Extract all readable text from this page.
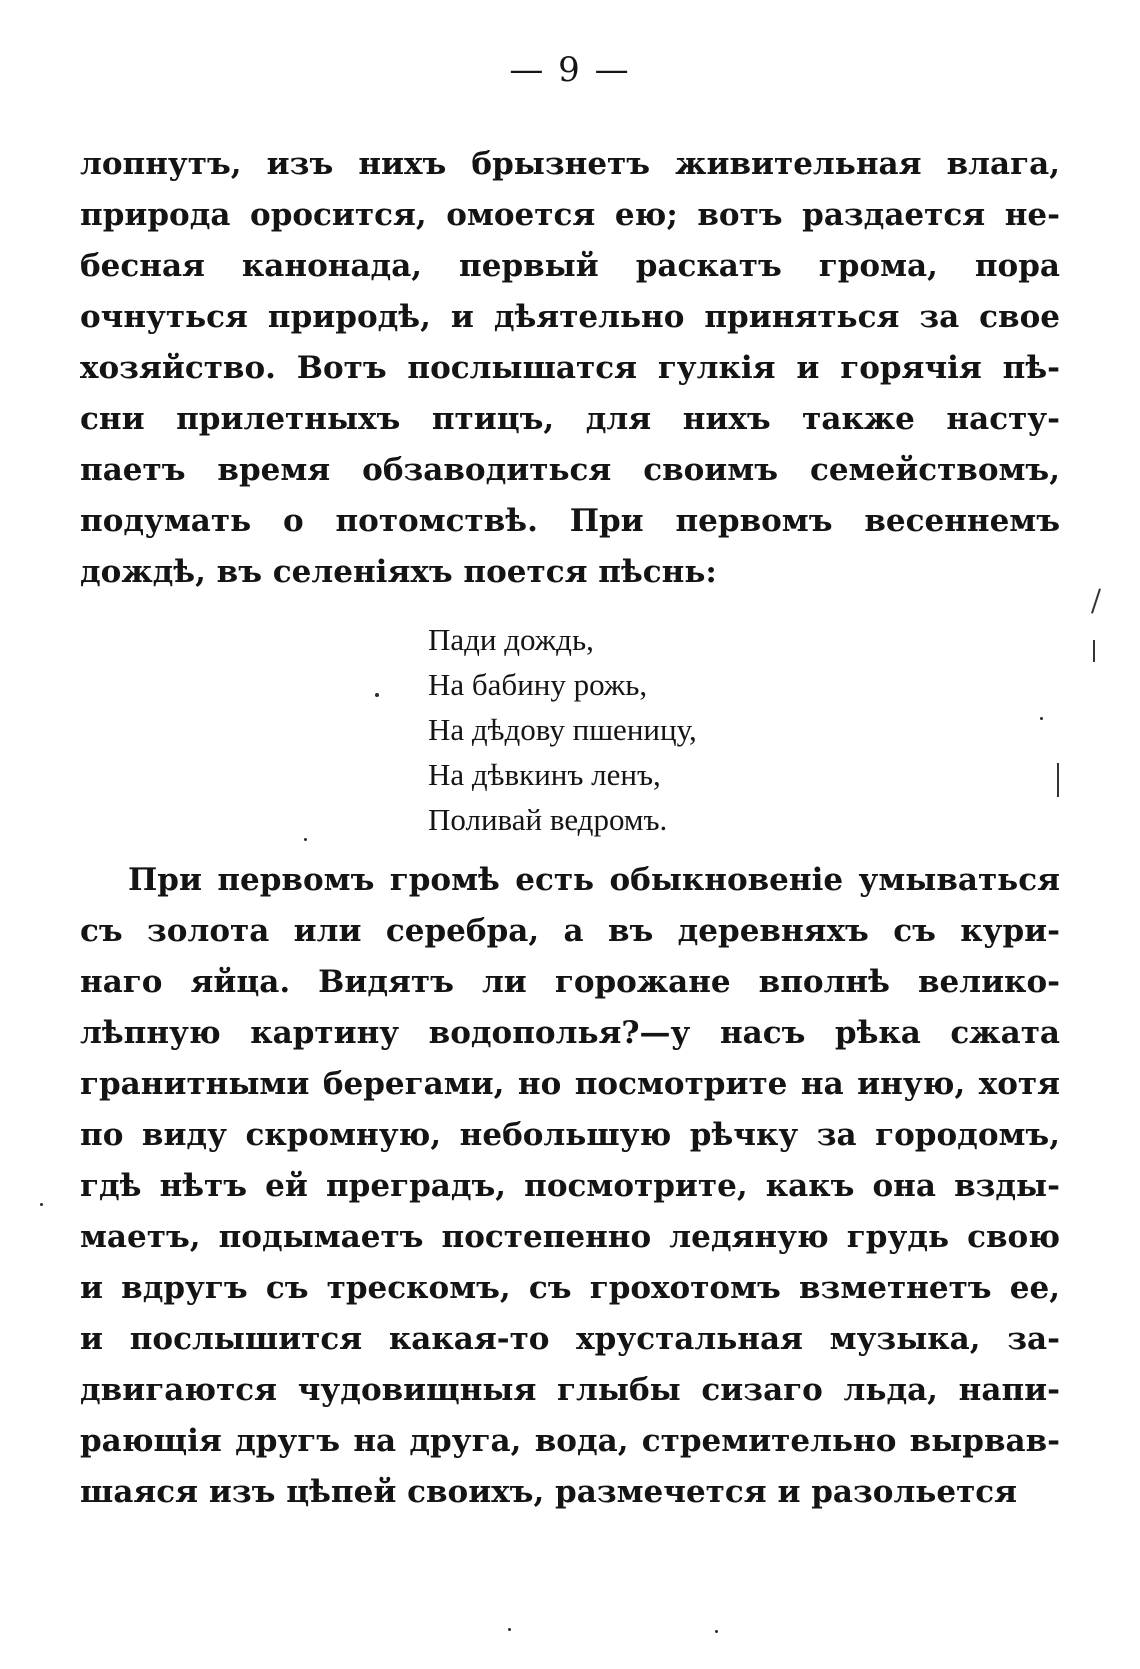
— 9 —
лопнутъ, изъ нихъ брызнетъ живительная влага,
природа оросится, омоется ею; вотъ раздается не-
бесная канонада, первый раскатъ грома, пора
очнуться природѣ, и дѣятельно приняться за свое
хозяйство. Вотъ послышатся гулкія и горячія пѣ-
сни прилетныхъ птицъ, для нихъ также насту-
паетъ время обзаводиться своимъ семействомъ,
подумать о потомствѣ. При первомъ весеннемъ
дождѣ, въ селеніяхъ поется пѣснь:
Пади дождь,
На бабину рожь,
На дѣдову пшеницу,
На дѣвкинъ ленъ,
Поливай ведромъ.
При первомъ громѣ есть обыкновеніе умываться
съ золота или серебра, а въ деревняхъ съ кури-
наго яйца. Видятъ ли горожане вполнѣ велико-
лѣпную картину водополья?—у насъ рѣка сжата
гранитными берегами, но посмотрите на иную, хотя
по виду скромную, небольшую рѣчку за городомъ,
гдѣ нѣтъ ей преградъ, посмотрите, какъ она взды-
маетъ, подымаетъ постепенно ледяную грудь свою
и вдругъ съ трескомъ, съ грохотомъ взметнетъ ее,
и послышится какая-то хрустальная музыка, за-
двигаются чудовищныя глыбы сизаго льда, напи-
рающія другъ на друга, вода, стремительно вырвав-
шаяся изъ цѣпей своихъ, размечется и разольется
